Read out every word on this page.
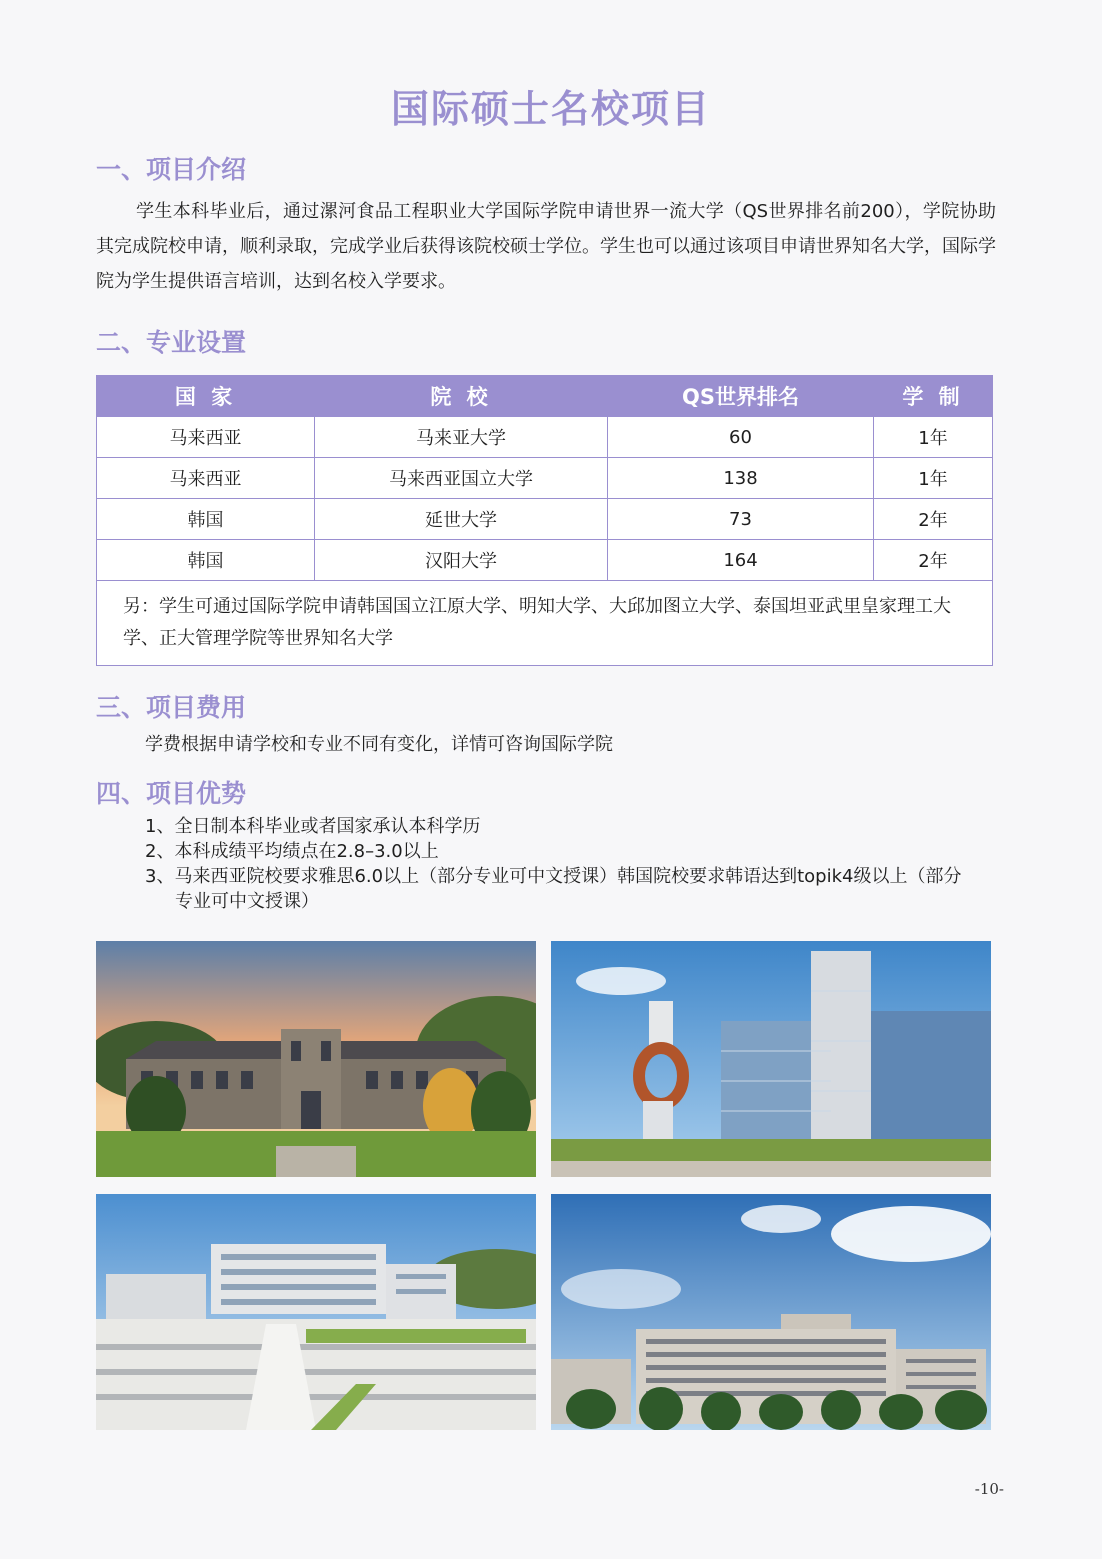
国际硕士名校项目
一、项目介绍

学生本科毕业后，通过漯河食品工程职业大学国际学院申请世界一流大学（QS世界排名前200），学院协助其完成院校申请，顺利录取，完成学业后获得该院校硕士学位。学生也可以通过该项目申请世界知名大学，国际学院为学生提供语言培训，达到名校入学要求。

二、专业设置
国 家	院 校	QS世界排名	学 制
马来西亚	马来亚大学	60	1年
马来西亚	马来西亚国立大学	138	1年
韩国	延世大学	73	2年
韩国	汉阳大学	164	2年
另：学生可通过国际学院申请韩国国立江原大学、明知大学、大邱加图立大学、泰国坦亚武里皇家理工大学、正大管理学院等世界知名大学			
三、项目费用

学费根据申请学校和专业不同有变化，详情可咨询国际学院

四、项目优势
1、全日制本科毕业或者国家承认本科学历
2、本科成绩平均绩点在2.8–3.0以上
3、马来西亚院校要求雅思6.0以上（部分专业可中文授课）韩国院校要求韩语达到topik4级以上（部分专业可中文授课）
-10-
